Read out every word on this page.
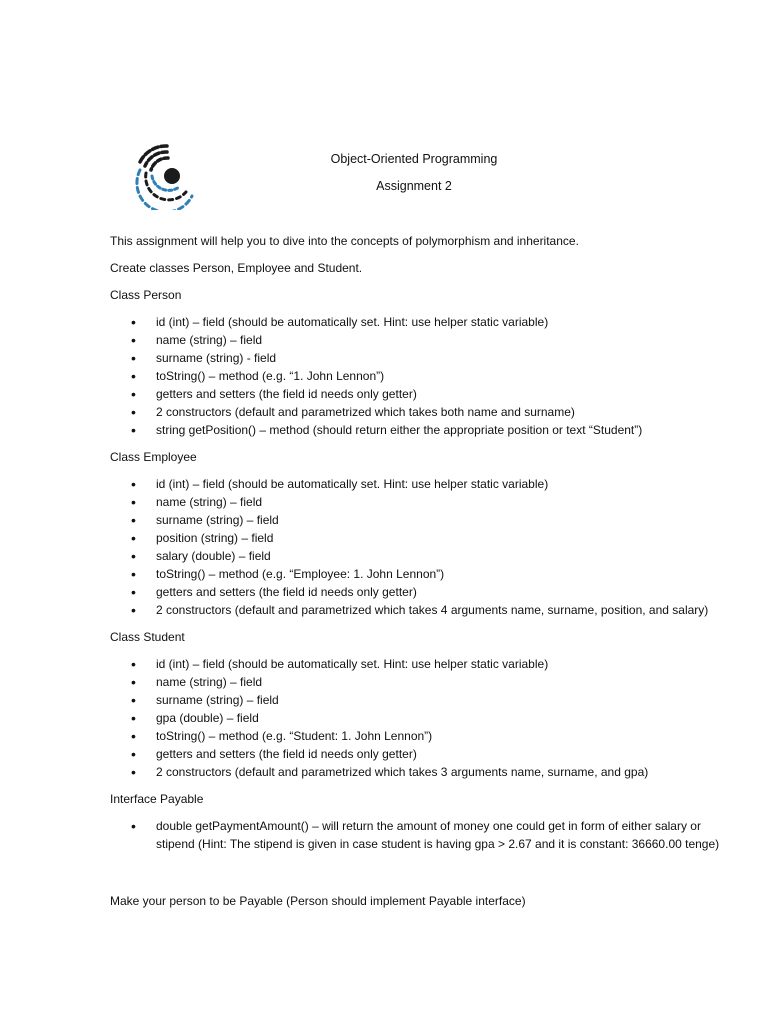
Object-Oriented Programming
Assignment 2

This assignment will help you to dive into the concepts of polymorphism and inheritance.

Create classes Person, Employee and Student.

Class Person
• id (int) – field (should be automatically set. Hint: use helper static variable)
• name (string) – field
• surname (string) - field
• toString() – method (e.g. “1. John Lennon”)
• getters and setters (the field id needs only getter)
• 2 constructors (default and parametrized which takes both name and surname)
• string getPosition() – method (should return either the appropriate position or text “Student”)
Class Employee
• id (int) – field (should be automatically set. Hint: use helper static variable)
• name (string) – field
• surname (string) – field
• position (string) – field
• salary (double) – field
• toString() – method (e.g. “Employee: 1. John Lennon”)
• getters and setters (the field id needs only getter)
• 2 constructors (default and parametrized which takes 4 arguments name, surname, position, and salary)
Class Student
• id (int) – field (should be automatically set. Hint: use helper static variable)
• name (string) – field
• surname (string) – field
• gpa (double) – field
• toString() – method (e.g. “Student: 1. John Lennon”)
• getters and setters (the field id needs only getter)
• 2 constructors (default and parametrized which takes 3 arguments name, surname, and gpa)
Interface Payable
• double getPaymentAmount() – will return the amount of money one could get in form of either salary or stipend (Hint: The stipend is given in case student is having gpa > 2.67 and it is constant: 36660.00 tenge)

Make your person to be Payable (Person should implement Payable interface)
